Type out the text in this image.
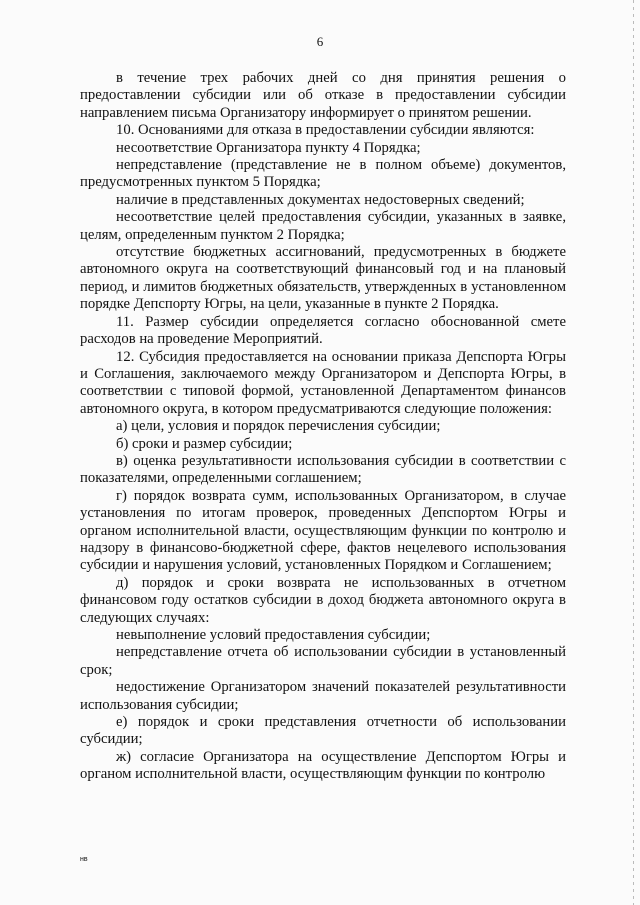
6

в течение трех рабочих дней со дня принятия решения о предоставлении субсидии или об отказе в предоставлении субсидии направлением письма Организатору информирует о принятом решении.

10. Основаниями для отказа в предоставлении субсидии являются:

несоответствие Организатора пункту 4 Порядка;

непредставление (представление не в полном объеме) документов, предусмотренных пунктом 5 Порядка;

наличие в представленных документах недостоверных сведений;

несоответствие целей предоставления субсидии, указанных в заявке, целям, определенным пунктом 2 Порядка;

отсутствие бюджетных ассигнований, предусмотренных в бюджете автономного округа на соответствующий финансовый год и на плановый период, и лимитов бюджетных обязательств, утвержденных в установленном порядке Депспорту Югры, на цели, указанные в пункте 2 Порядка.

11. Размер субсидии определяется согласно обоснованной смете расходов на проведение Мероприятий.

12. Субсидия предоставляется на основании приказа Депспорта Югры и Соглашения, заключаемого между Организатором и Депспорта Югры, в соответствии с типовой формой, установленной Департаментом финансов автономного округа, в котором предусматриваются следующие положения:

а) цели, условия и порядок перечисления субсидии;

б) сроки и размер субсидии;

в) оценка результативности использования субсидии в соответствии с показателями, определенными соглашением;

г) порядок возврата сумм, использованных Организатором, в случае установления по итогам проверок, проведенных Депспортом Югры и органом исполнительной власти, осуществляющим функции по контролю и надзору в финансово-бюджетной сфере, фактов нецелевого использования субсидии и нарушения условий, установленных Порядком и Соглашением;

д) порядок и сроки возврата не использованных в отчетном финансовом году остатков субсидии в доход бюджета автономного округа в следующих случаях:

невыполнение условий предоставления субсидии;

непредставление отчета об использовании субсидии в установленный срок;

недостижение Организатором значений показателей результативности использования субсидии;

е) порядок и сроки представления отчетности об использовании субсидии;

ж) согласие Организатора на осуществление Депспортом Югры и органом исполнительной власти, осуществляющим функции по контролю

нв
